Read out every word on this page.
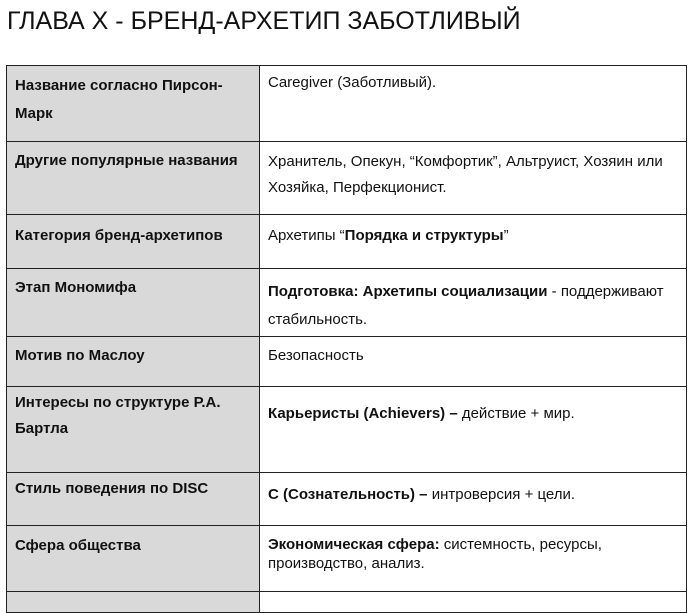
ГЛАВА Х - БРЕНД-АРХЕТИП ЗАБОТЛИВЫЙ
Название согласно Пирсон-Марк	Caregiver (Заботливый).
Другие популярные названия	Хранитель, Опекун, “Комфортик”, Альтруист, Хозяин или Хозяйка, Перфекционист.
Категория бренд-архетипов	Архетипы “Порядка и структуры”
Этап Мономифа	Подготовка: Архетипы социализации - поддерживают стабильность.
Мотив по Маслоу	Безопасность
Интересы по структуре Р.А. Бартла	Карьеристы (Achievers) – действие + мир.
Стиль поведения по DISC	C (Сознательность) – интроверсия + цели.
Сфера общества	Экономическая сфера: системность, ресурсы, производство, анализ.
